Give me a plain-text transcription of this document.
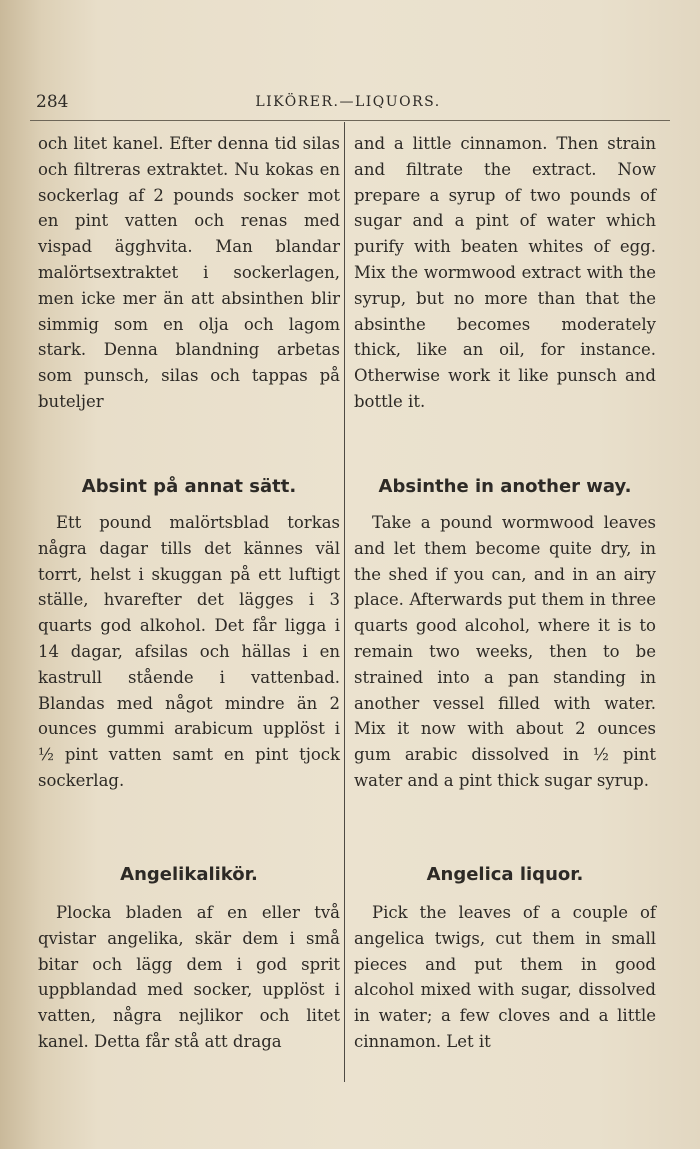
284	LIKÖRER.—LIQUORS.

och litet kanel. Efter denna tid silas och filtreras extraktet. Nu kokas en sockerlag af 2 pounds socker mot en pint vatten och renas med vispad ägghvita. Man blandar malörtsextraktet i sockerlagen, men icke mer än att absinthen blir simmig som en olja och lagom stark. Denna blandning arbetas som punsch, silas och tappas på buteljer

Absint på annat sätt.

Ett pound malörtsblad torkas några dagar tills det kännes väl torrt, helst i skuggan på ett luftigt ställe, hvarefter det lägges i 3 quarts god alkohol. Det får ligga i 14 dagar, afsilas och hällas i en kastrull stående i vattenbad. Blandas med något mindre än 2 ounces gummi arabicum upplöst i ½ pint vatten samt en pint tjock sockerlag.

Angelikalikör.

Plocka bladen af en eller två qvistar angelika, skär dem i små bitar och lägg dem i god sprit uppblandad med socker, upplöst i vatten, några nejlikor och litet kanel. Detta får stå att draga

and a little cinnamon. Then strain and filtrate the extract. Now prepare a syrup of two pounds of sugar and a pint of water which purify with beaten whites of egg. Mix the wormwood extract with the syrup, but no more than that the absinthe becomes moderately thick, like an oil, for instance. Otherwise work it like punsch and bottle it.

Absinthe in another way.

Take a pound wormwood leaves and let them become quite dry, in the shed if you can, and in an airy place. Afterwards put them in three quarts good alcohol, where it is to remain two weeks, then to be strained into a pan standing in another vessel filled with water. Mix it now with about 2 ounces gum arabic dissolved in ½ pint water and a pint thick sugar syrup.

Angelica liquor.

Pick the leaves of a couple of angelica twigs, cut them in small pieces and put them in good alcohol mixed with sugar, dissolved in water; a few cloves and a little cinnamon. Let it
